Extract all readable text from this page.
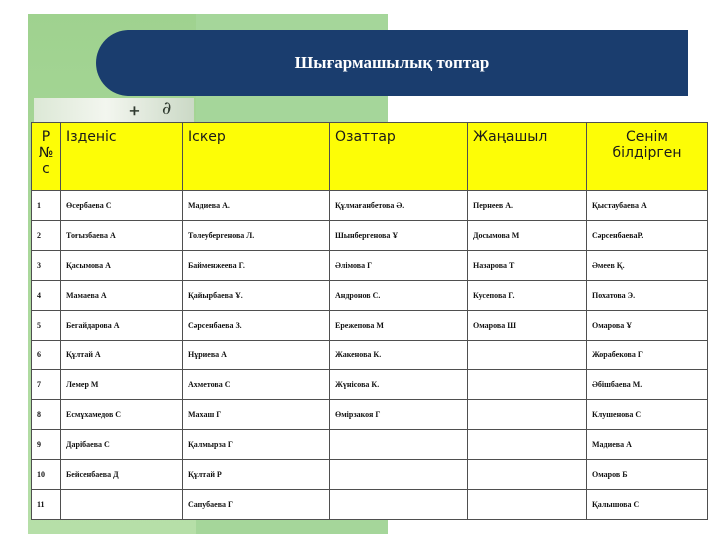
ᚐ ∂
Шығармашылық топтар
Р
№
с	Ізденіс	Іскер	Озаттар	Жаңашыл	Сенім білдірген
1	Өсербаева С	Мадиева А.	Құлмағанбетова Ә.	Пернеев А.	Қыстаубаева А
2	Тоғызбаева А	Толеубергенова Л.	Шынбергенова Ұ	Досымова М	СәрсенбаеваР.
3	Қасымова А	Байменжеева Г.	Әлімова Г	Назарова Т	Әмеев Қ.
4	Мамаева А	Қайырбаева Ұ.	Андронов С.	Кусепова Г.	Похатова Э.
5	Бегайдарова А	Сәрсенбаева З.	Ережепова М	Омарова Ш	Омарова Ұ
6	Құлтай А	Нұриева А	Жакенова К.		Жорабекова Г
7	Лемер М	Ахметова С	Жүнісова К.		Әбішбаева М.
8	Есмұхамедов С	Махаш Г	Өмірзакоя Г		Клушенова С
9	Дарібаева С	Қалмырза Г			Мадиева А
10	Бейсенбаева Д	Құлтай Р			Омаров Б
11		Сапубаева Г			Қалышова С
